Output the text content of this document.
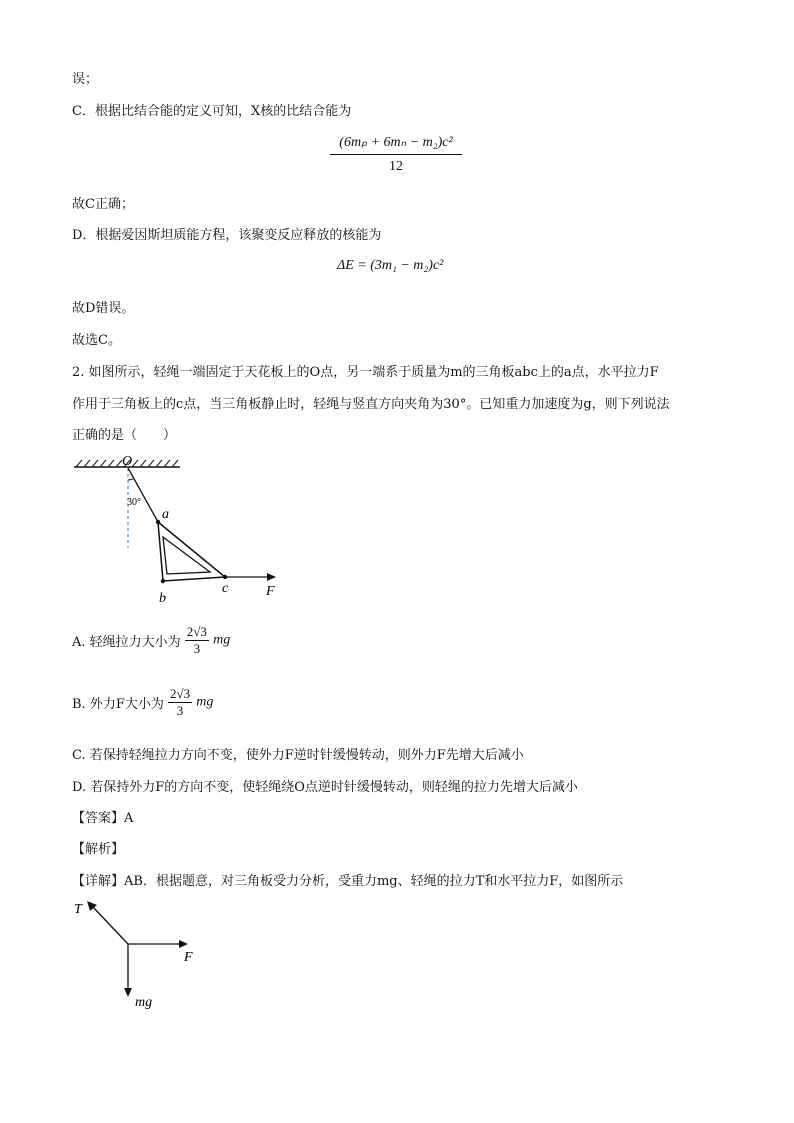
误；
C．根据比结合能的定义可知，X核的比结合能为
$\frac{\text{(6mₚ + 6mₙ − m₂)c²}}{12}$
故C正确；
D．根据爱因斯坦质能方程，该聚变反应释放的核能为
ΔE = (3m₁ − m₂)c²
故D错误。
故选C。
2. 如图所示，轻绳一端固定于天花板上的O点，另一端系于质量为m的三角板abc上的a点，水平拉力F
作用于三角板上的c点，当三角板静止时，轻绳与竖直方向夹角为30°。已知重力加速度为g，则下列说法
正确的是（　　）
O
30°
a
b
c	F
A. 轻绳拉力大小为 $\frac{2√3}{3}$ mg
B. 外力F大小为 $\frac{2√3}{3}$ mg
C. 若保持轻绳拉力方向不变，使外力F逆时针缓慢转动，则外力F先增大后减小
D. 若保持外力F的方向不变，使轻绳绕O点逆时针缓慢转动，则轻绳的拉力先增大后减小
【答案】A
【解析】
【详解】AB．根据题意，对三角板受力分析，受重力mg、轻绳的拉力T和水平拉力F，如图所示
T
F
mg
